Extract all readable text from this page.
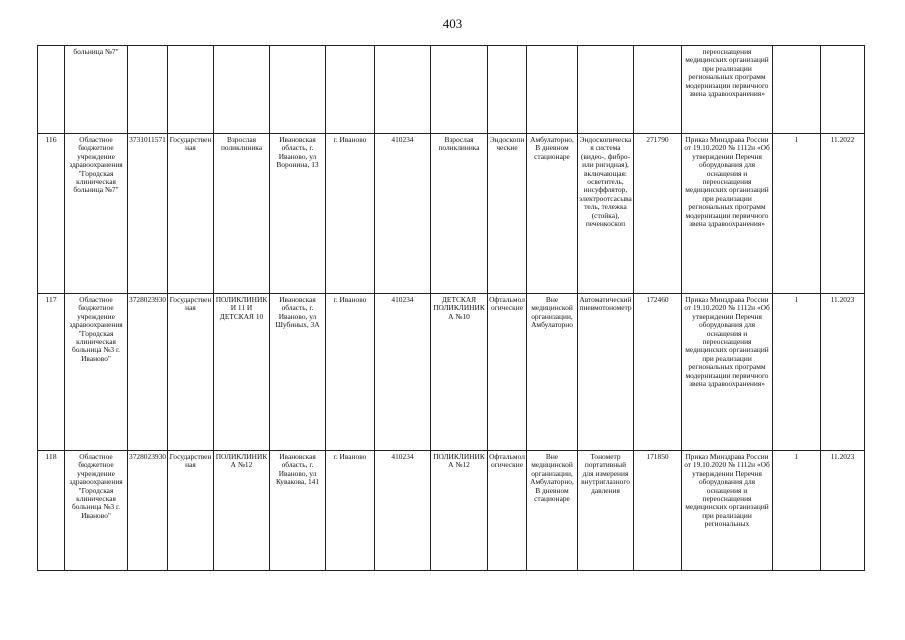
403
	больница №7"												переоснащения медицинских организаций при реализации региональных программ модернизации первичного звена здравоохранения»		
116	Областное бюджетное учреждение здравоохранения "Городская клиническая больница №7"	3731011571	Государственная	Взрослая поликлиника	Ивановская область, г. Иваново, ул Воронина, 13	г. Иваново	410234	Взрослая поликлиника	Эндоскопические	Амбулаторно, В дневном стационаре	Эндоскопическая система (видео-, фибро- или ригидная), включающая: осветитель, инсуффлятор, электроотсасыватель, тележка (стойка), печенкоскоп	271790	Приказ Минздрава России от 19.10.2020 № 1112н «Об утверждении Перечня оборудования для оснащения и переоснащения медицинских организаций при реализации региональных программ модернизации первичного звена здравоохранения»	1	11.2022
117	Областное бюджетное учреждение здравоохранения "Городская клиническая больница №3 г. Иваново"	3728023930	Государственная	ПОЛИКЛИНИКИ 11 И ДЕТСКАЯ 10	Ивановская область, г. Иваново, ул Шубиных, 3А	г. Иваново	410234	ДЕТСКАЯ ПОЛИКЛИНИКА №10	Офтальмологические	Вне медицинской организации, Амбулаторно	Автоматический пневмотонометр	172460	Приказ Минздрава России от 19.10.2020 № 1112н «Об утверждении Перечня оборудования для оснащения и переоснащения медицинских организаций при реализации региональных программ модернизации первичного звена здравоохранения»	1	11.2023
118	Областное бюджетное учреждение здравоохранения "Городская клиническая больница №3 г. Иваново"	3728023930	Государственная	ПОЛИКЛИНИКА №12	Ивановская область, г. Иваново, ул Кувакова, 141	г. Иваново	410234	ПОЛИКЛИНИКА №12	Офтальмологические	Вне медицинской организации, Амбулаторно, В дневном стационаре	Тонометр портативный для измерения внутриглазного давления	171850	Приказ Минздрава России от 19.10.2020 № 1112н «Об утверждении Перечня оборудования для оснащения и переоснащения медицинских организаций при реализации региональных	1	11.2023
